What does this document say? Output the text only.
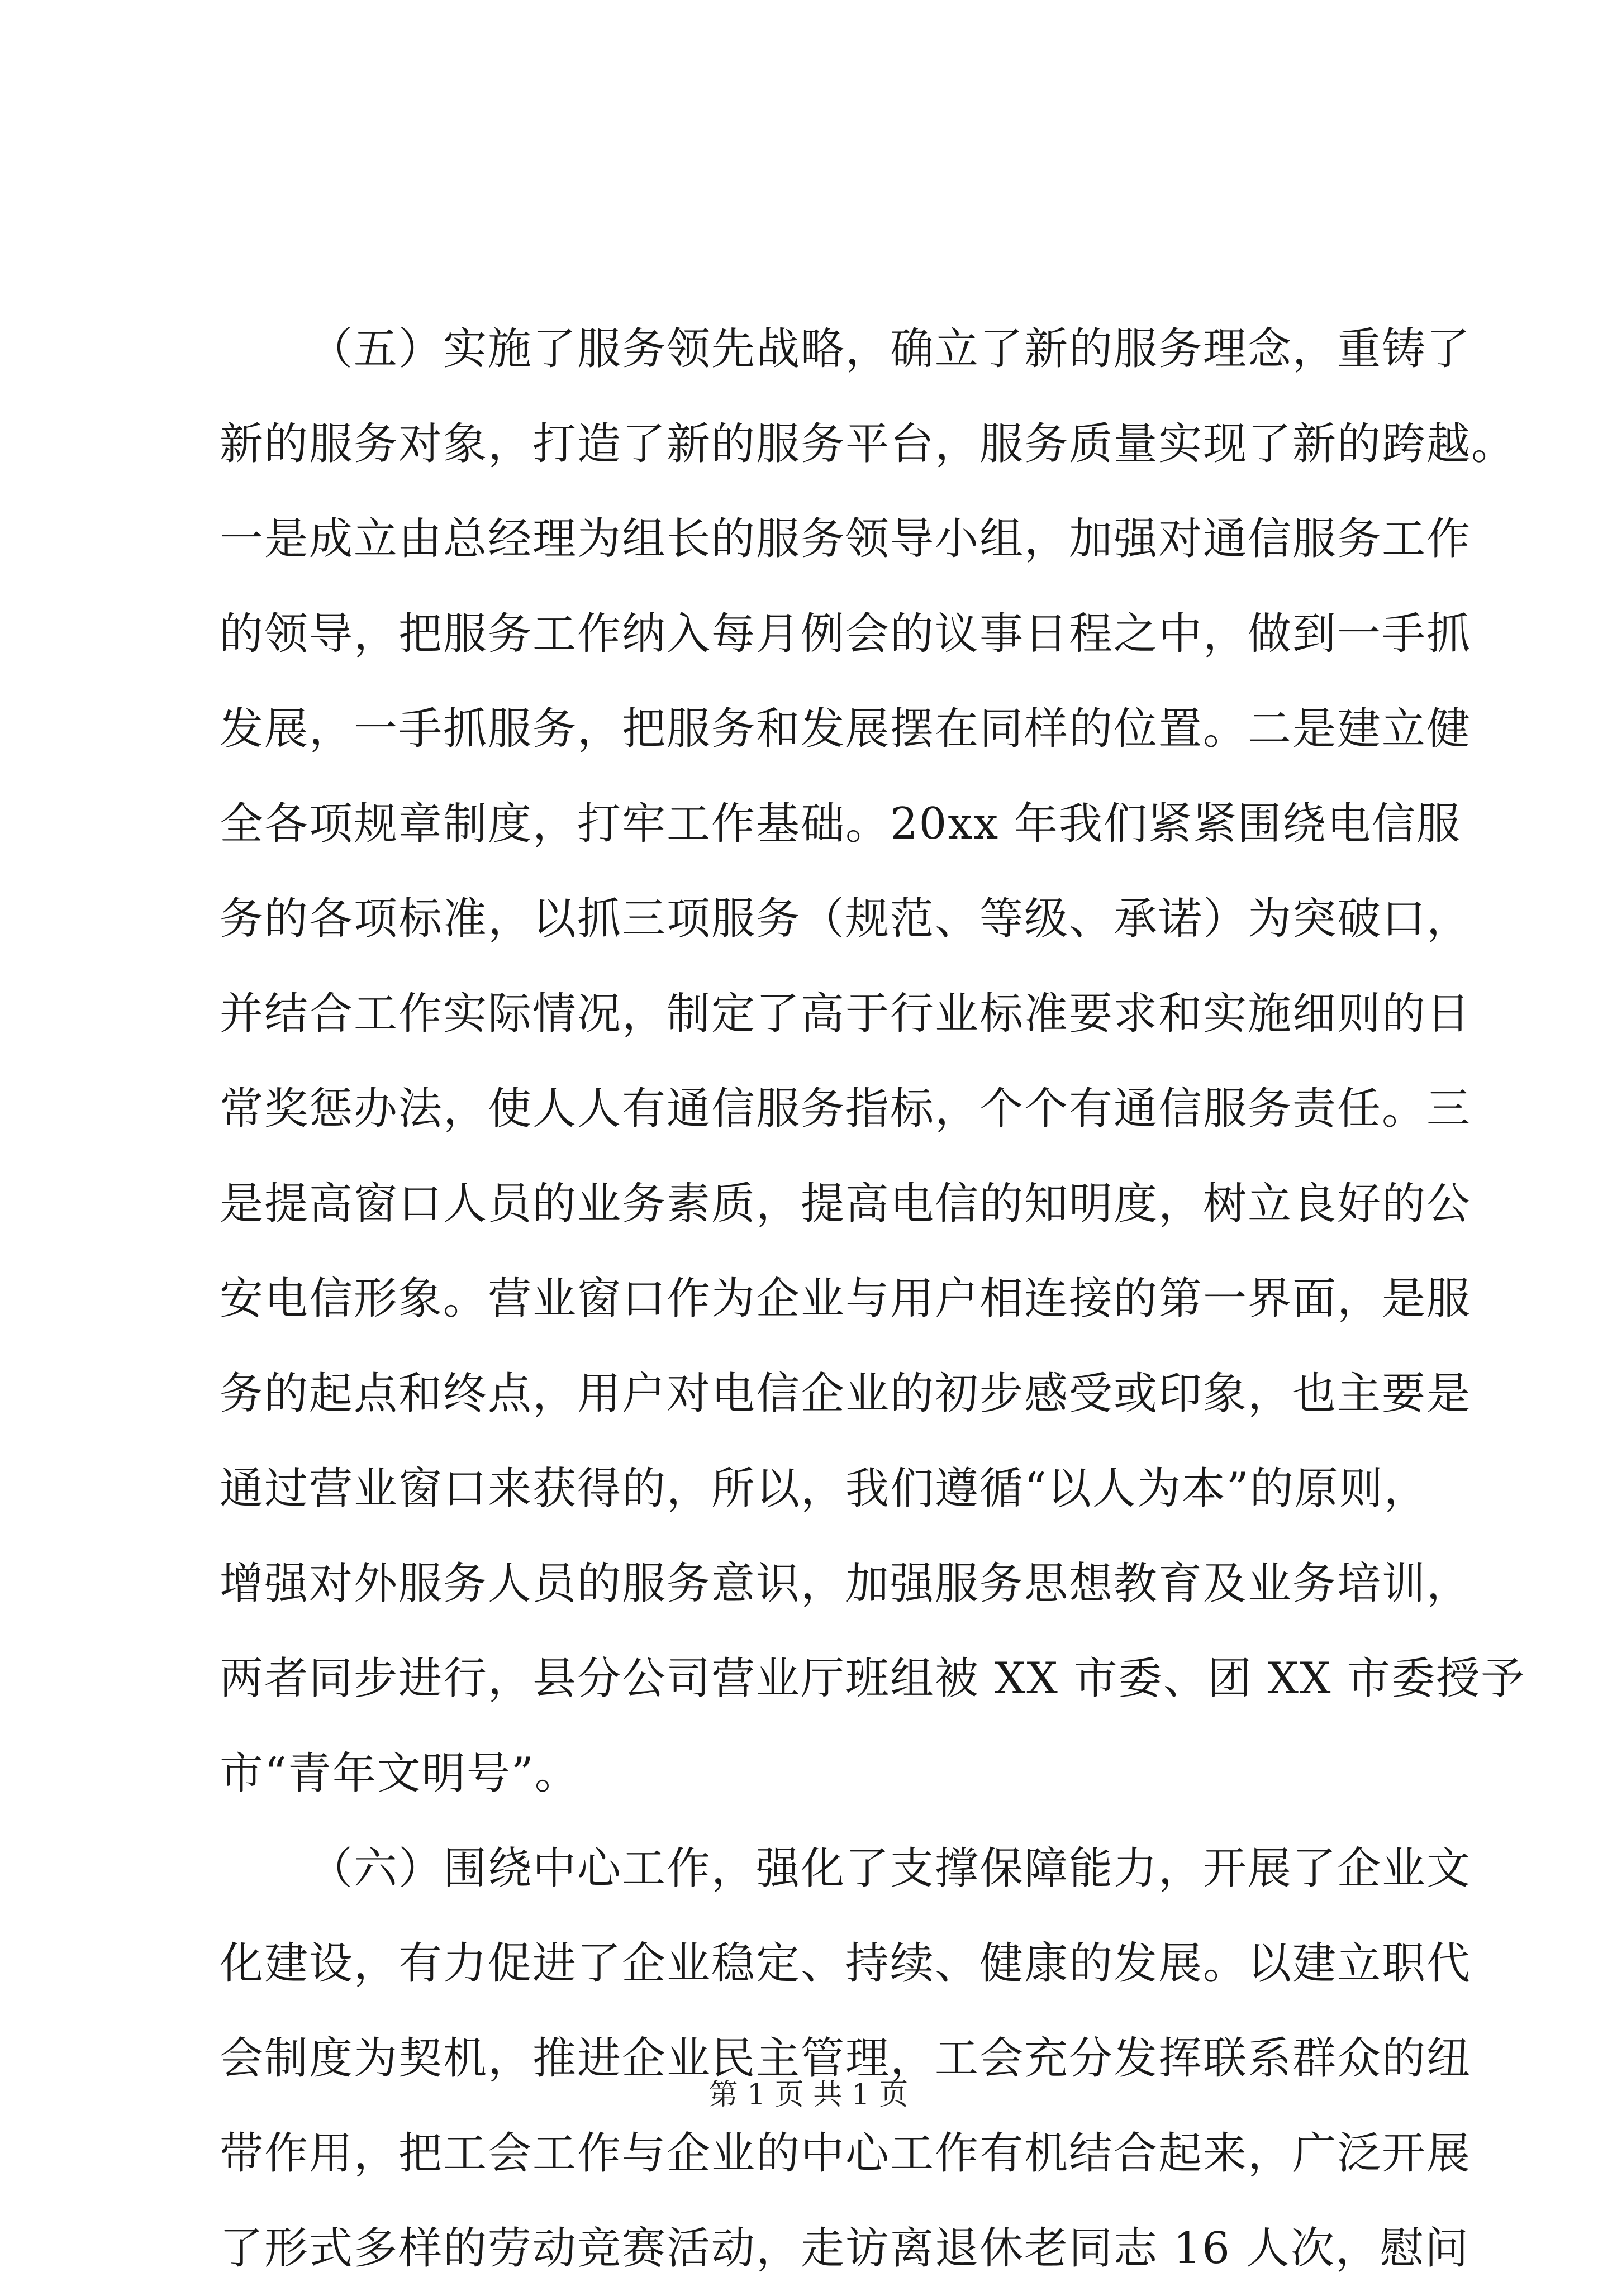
（五）实施了服务领先战略，确立了新的服务理念，重铸了
新的服务对象，打造了新的服务平台，服务质量实现了新的跨越。
一是成立由总经理为组长的服务领导小组，加强对通信服务工作
的领导，把服务工作纳入每月例会的议事日程之中，做到一手抓
发展，一手抓服务，把服务和发展摆在同样的位置。二是建立健
全各项规章制度，打牢工作基础。20xx 年我们紧紧围绕电信服
务的各项标准，以抓三项服务（规范、等级、承诺）为突破口，
并结合工作实际情况，制定了高于行业标准要求和实施细则的日
常奖惩办法，使人人有通信服务指标，个个有通信服务责任。三
是提高窗口人员的业务素质，提高电信的知明度，树立良好的公
安电信形象。营业窗口作为企业与用户相连接的第一界面，是服
务的起点和终点，用户对电信企业的初步感受或印象，也主要是
通过营业窗口来获得的，所以，我们遵循“以人为本”的原则，
增强对外服务人员的服务意识，加强服务思想教育及业务培训，
两者同步进行，县分公司营业厅班组被 XX 市委、团 XX 市委授予
市“青年文明号”。
（六）围绕中心工作，强化了支撑保障能力，开展了企业文
化建设，有力促进了企业稳定、持续、健康的发展。以建立职代
会制度为契机，推进企业民主管理，工会充分发挥联系群众的纽
带作用，把工会工作与企业的中心工作有机结合起来，广泛开展
了形式多样的劳动竞赛活动，走访离退休老同志 16 人次，慰问
第 1 页 共 1 页
